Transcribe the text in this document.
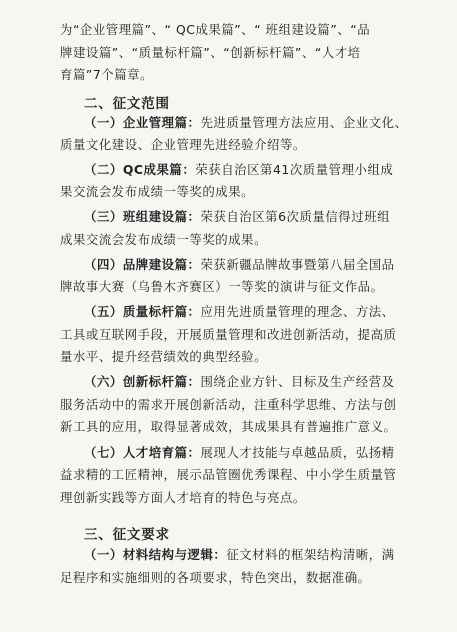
为“企业管理篇”、“ QC成果篇”、“ 班组建设篇”、“品
牌建设篇”、“质量标杆篇”、“创新标杆篇”、“人才培
育篇”7个篇章。
二、征文范围
（一）企业管理篇：先进质量管理方法应用、企业文化、
质量文化建设、企业管理先进经验介绍等。
（二）QC成果篇：荣获自治区第41次质量管理小组成
果交流会发布成绩一等奖的成果。
（三）班组建设篇：荣获自治区第6次质量信得过班组
成果交流会发布成绩一等奖的成果。
（四）品牌建设篇：荣获新疆品牌故事暨第八届全国品
牌故事大赛（乌鲁木齐赛区）一等奖的演讲与征文作品。
（五）质量标杆篇：应用先进质量管理的理念、方法、
工具或互联网手段，开展质量管理和改进创新活动，提高质
量水平、提升经营绩效的典型经验。
（六）创新标杆篇：围绕企业方针、目标及生产经营及
服务活动中的需求开展创新活动，注重科学思维、方法与创
新工具的应用，取得显著成效，其成果具有普遍推广意义。
（七）人才培育篇：展现人才技能与卓越品质，弘扬精
益求精的工匠精神，展示品管圈优秀课程、中小学生质量管
理创新实践等方面人才培育的特色与亮点。
三、征文要求
（一）材料结构与逻辑：征文材料的框架结构清晰，满
足程序和实施细则的各项要求，特色突出，数据准确。
